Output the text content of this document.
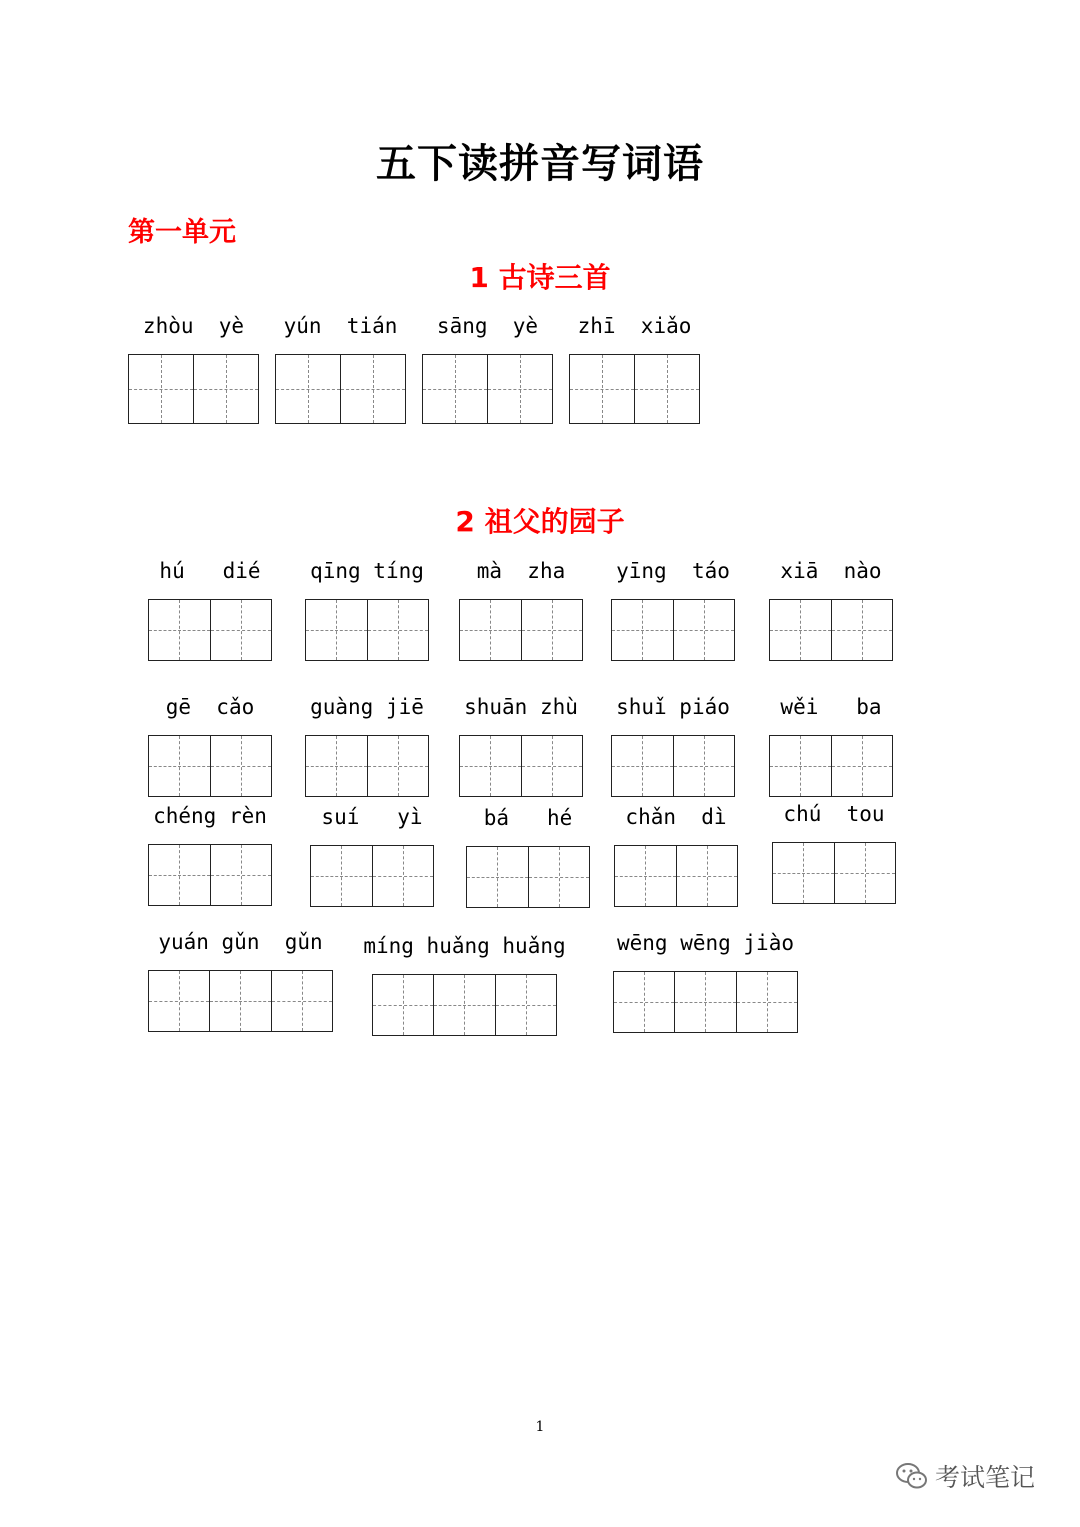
五下读拼音写词语
第一单元
1 古诗三首
2 祖父的园子
zhòu  yè	yún  tián	sāng  yè	zhī  xiǎo
hú   dié	qīng tíng	mà  zha	yīng  táo	xiā  nào
gē  cǎo	guàng jiē	shuān zhù	shuǐ piáo	wěi   ba
chéng rèn	suí   yì	bá   hé	chǎn  dì	chú  tou
yuán gǔn  gǔn	míng huǎng huǎng	wēng wēng jiào
1
考试笔记
